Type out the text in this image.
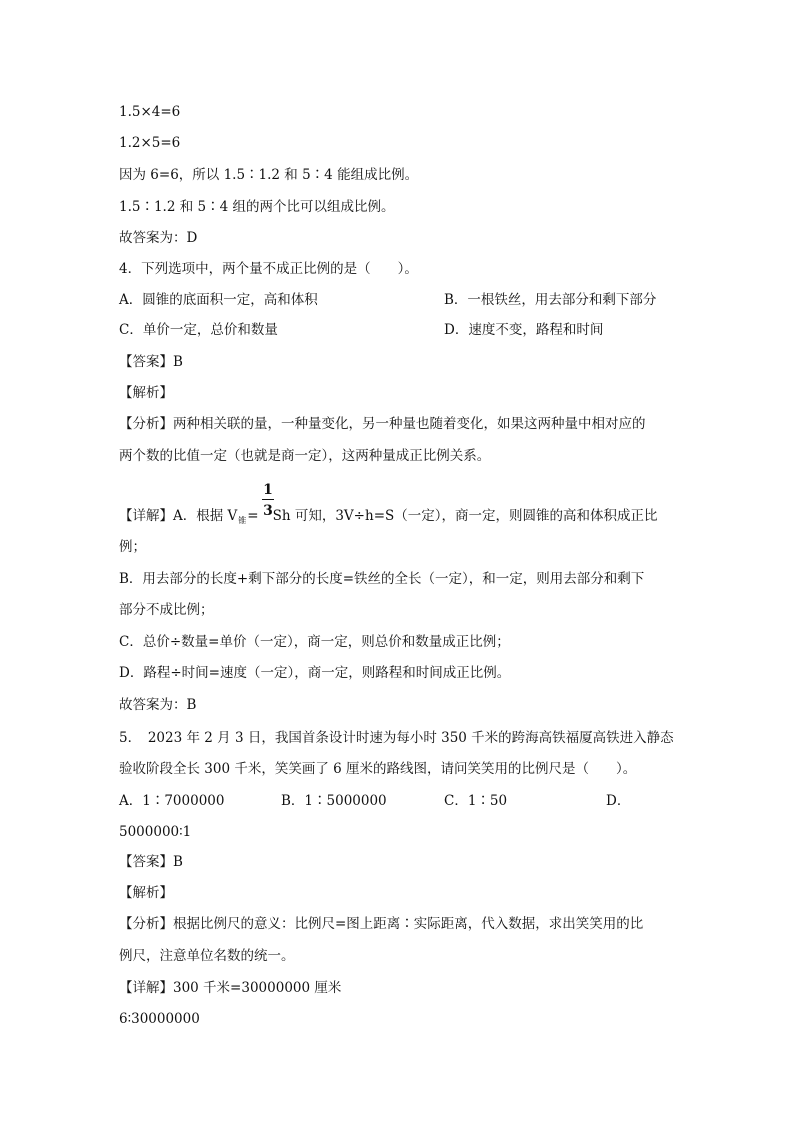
1.5×4=6
1.2×5=6
因为 6=6，所以 1.5∶1.2 和 5∶4 能组成比例。
1.5∶1.2 和 5∶4 组的两个比可以组成比例。
故答案为：D
4．下列选项中，两个量不成正比例的是（　　）。
A．圆锥的底面积一定，高和体积	B．一根铁丝，用去部分和剩下部分
C．单价一定，总价和数量	D．速度不变，路程和时间
【答案】B
【解析】
【分析】两种相关联的量，一种量变化，另一种量也随着变化，如果这两种量中相对应的
两个数的比值一定（也就是商一定），这两种量成正比例关系。
【详解】A．根据 $V_锥= Sh$ 可知，3V÷h=S（一定），商一定，则圆锥的高和体积成正比
1
3
例；
B．用去部分的长度+剩下部分的长度=铁丝的全长（一定），和一定，则用去部分和剩下
部分不成比例；
C．总价÷数量=单价（一定），商一定，则总价和数量成正比例；
D．路程÷时间=速度（一定），商一定，则路程和时间成正比例。
故答案为：B
5．　2023 年 2 月 3 日，我国首条设计时速为每小时 350 千米的跨海高铁福厦高铁进入静态
验收阶段全长 300 千米，笑笑画了 6 厘米的路线图，请问笑笑用的比例尺是（　　）。
A．1∶7000000	B．1∶5000000	C．1∶50	D．
5000000∶1
【答案】B
【解析】
【分析】根据比例尺的意义：比例尺=图上距离∶实际距离，代入数据，求出笑笑用的比
例尺，注意单位名数的统一。
【详解】300 千米=30000000 厘米
6∶30000000
